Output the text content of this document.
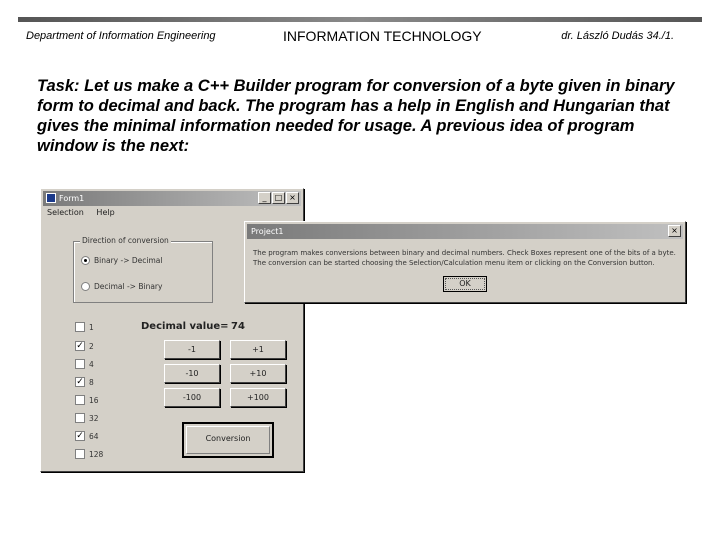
Department of Information Engineering	INFORMATION TECHNOLOGY	dr. László Dudás 34./1.
Task: Let us make a C++ Builder program for conversion of a byte given in binary form to decimal and back. The program has a help in English and Hungarian that gives the minimal information needed for usage. A previous idea of program window is the next:
Form1	_	□ ×
Selection Help
Direction of conversion
Binary -> Decimal
Decimal -> Binary
1
✓ 2
4
✓ 8
16
32
✓ 64
128
Decimal value= 74
-1	+1
-10	+10
-100	+100
Conversion
Project1	×
The program makes conversions between binary and decimal numbers. Check Boxes represent one of the bits of a byte. The conversion can be started choosing the Selection/Calculation menu item or clicking on the Conversion button.
OK
